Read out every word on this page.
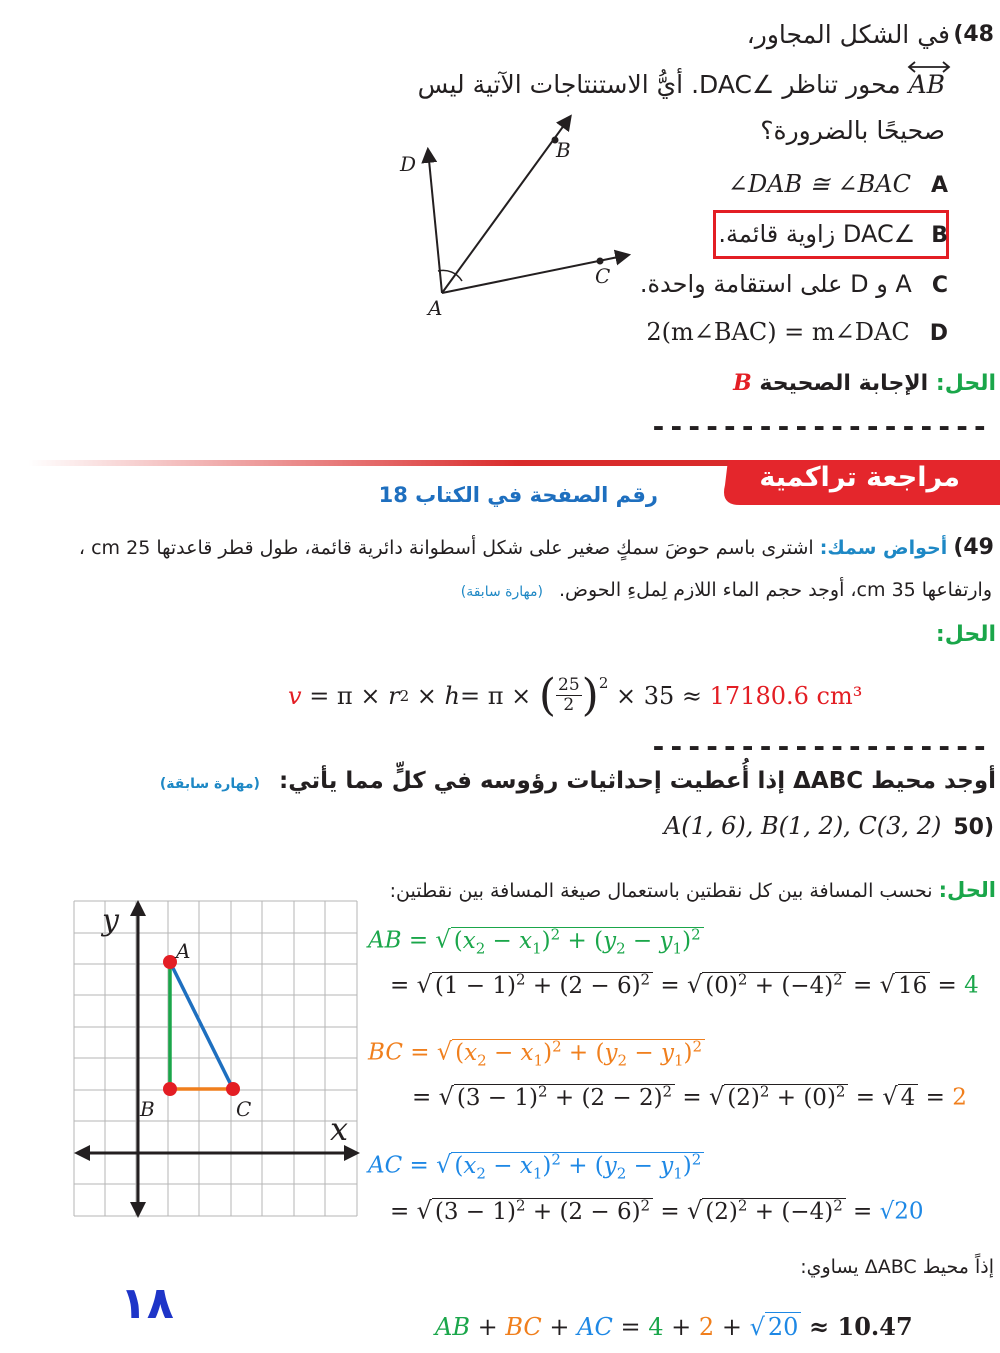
48)
في الشكل المجاور،
AB محور تناظر ∠DAC. أيُّ الاستنتاجات الآتية ليس
صحيحًا بالضرورة؟
A
∠DAB ≅ ∠BAC
B
∠DAC زاوية قائمة.
C
A و D على استقامة واحدة.
D
2(m∠BAC) = m∠DAC
D
B
C
A
الحل: الإجابة الصحيحة B
-------------------
مراجعة تراكمية
رقم الصفحة في الكتاب 18
49) أحواض سمك: اشترى باسم حوضَ سمكٍ صغير على شكل أسطوانة دائرية قائمة، طول قطر قاعدتها 25 cm ،
وارتفاعها 35 cm، أوجد حجم الماء اللازم لِملءِ الحوض. (مهارة سابقة)
الحل:
v = π × r 2 × h = π × ( 25
2 )$^2$ × 35 ≈ 17180.6 cm³
-------------------
أوجد محيط ΔABC إذا أُعطيت إحداثيات رؤوسه في كلٍّ مما يأتي: (مهارة سابقة)
50)
A(1, 6), B(1, 2), C(3, 2)
الحل: نحسب المسافة بين كل نقطتين باستعمال صيغة المسافة بين نقطتين:
y
x
A
B	C
AB = √ $(x_2 - x_1)^2 + (y_2 - y_1)^2$
= √ $(1 - 1)^2 + (2 - 6)^2$ = √ $(0)^2 + (-4)^2$ = √ 16 = 4
BC = √ $(x_2 - x_1)^2 + (y_2 - y_1)^2$
= √ $(3 - 1)^2 + (2 - 2)^2$ = √ $(2)^2 + (0)^2$ = √ 4 = 2
AC = √ $(x_2 - x_1)^2 + (y_2 - y_1)^2$
= √ $(3 - 1)^2 + (2 - 6)^2$ = √ $(2)^2 + (-4)^2 = √20$
إذاً محيط ΔABC يساوي:
AB + BC + AC = 4 + 2 + √ 20 ≈ 10.47
١٨
